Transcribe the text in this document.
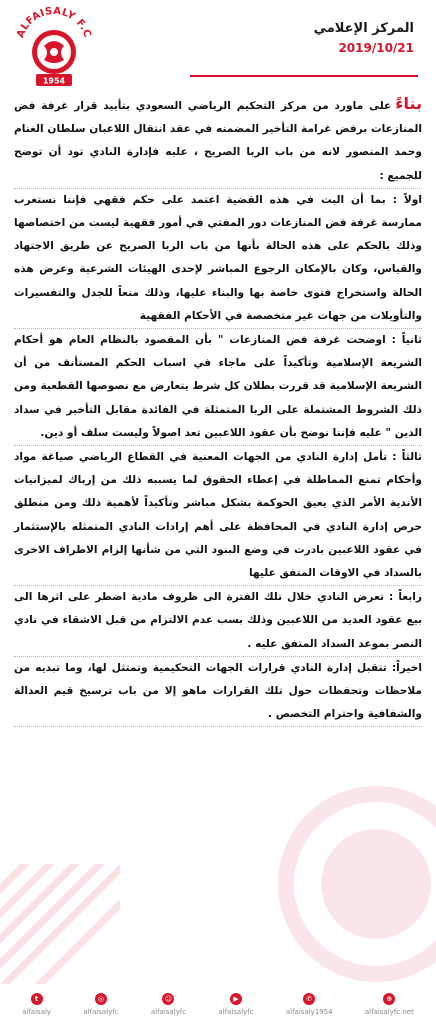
ALFAISALY F.C
1954
المركز الإعلامي
2019/10/21

بناءًعلى ماورد من مركز التحكيم الرياضي السعودي بتأييد قرار غرفة فض المنازعات برفض غرامة التأخير المضمنه في عقد انتقال اللاعبان سلطان الغنام وحمد المنصور لانه من باب الربا الصريح ، عليه فإدارة النادي تود أن توضح للجميع :

اولاً : بما أن البت في هذه القضية اعتمد على حكم فقهي فإننا نستغرب ممارسة غرفة فض المنازعات دور المفتي في أمور فقهية ليست من اختصاصها وذلك بالحكم على هذه الحالة بأنها من باب الربا الصريح عن طريق الاجتهاد والقياس، وكان بالإمكان الرجوع المباشر لإحدى الهيئات الشرعية وعرض هذه الحالة واستخراج فتوى خاصة بها والبناء عليها، وذلك منعاً للجدل والتفسيرات والتأويلات من جهات غير متخصصة في الأحكام الفقهية

ثانياً : اوضحت غرفة فض المنازعات " بأن المقصود بالنظام العام هو أحكام الشريعة الإسلامية وتأكيداً على ماجاء في اسباب الحكم المستأنف من أن الشريعة الإسلامية قد قررت بطلان كل شرط يتعارض مع نصوصها القطعية ومن ذلك الشروط المشتملة على الربا المتمثلة في الفائدة مقابل التأخير في سداد الدين " عليه فإننا نوضح بأن عقود اللاعبين تعد اصولاً وليست سلف أو دين.

ثالثاً : تأمل إدارة النادي من الجهات المعنية في القطاع الرياضي صياغة مواد وأحكام تمنع المماطلة في إعطاء الحقوق لما يسببه ذلك من إرباك لميزانيات الأندية الأمر الذي يعيق الحوكمة بشكل مباشر وتأكيداً لأهمية ذلك ومن منطلق حرص إدارة النادي في المحافظة على أهم إرادات النادي المتمثله بالإستثمار في عقود اللاعبين بادرت في وضع البنود التي من شأنها إلزام الاطراف الاخرى بالسداد في الاوقات المتفق عليها

رابعاً : تعرض النادي خلال تلك الفترة الى ظروف مادية اضطر على اثرها الى بيع عقود العديد من اللاعبين وذلك بسب عدم الالتزام من قبل الاشقاء في نادي النصر بموعد السداد المتفق عليه .

اخيراً: تتقبل إدارة النادي قرارات الجهات التحكيمية وتمتثل لها، وما تبديه من ملاحظات وتحفظات حول تلك القرارات ماهو إلا من باب ترسيخ قيم العدالة والشفافية واحترام التخصص .

t
alfaisaly
◎
alfaisalyfc
☺
alfaisalyfc
▶
alfaisalyfc
✆
alfaisaly1954
⊕
alfaisalyfc.net
